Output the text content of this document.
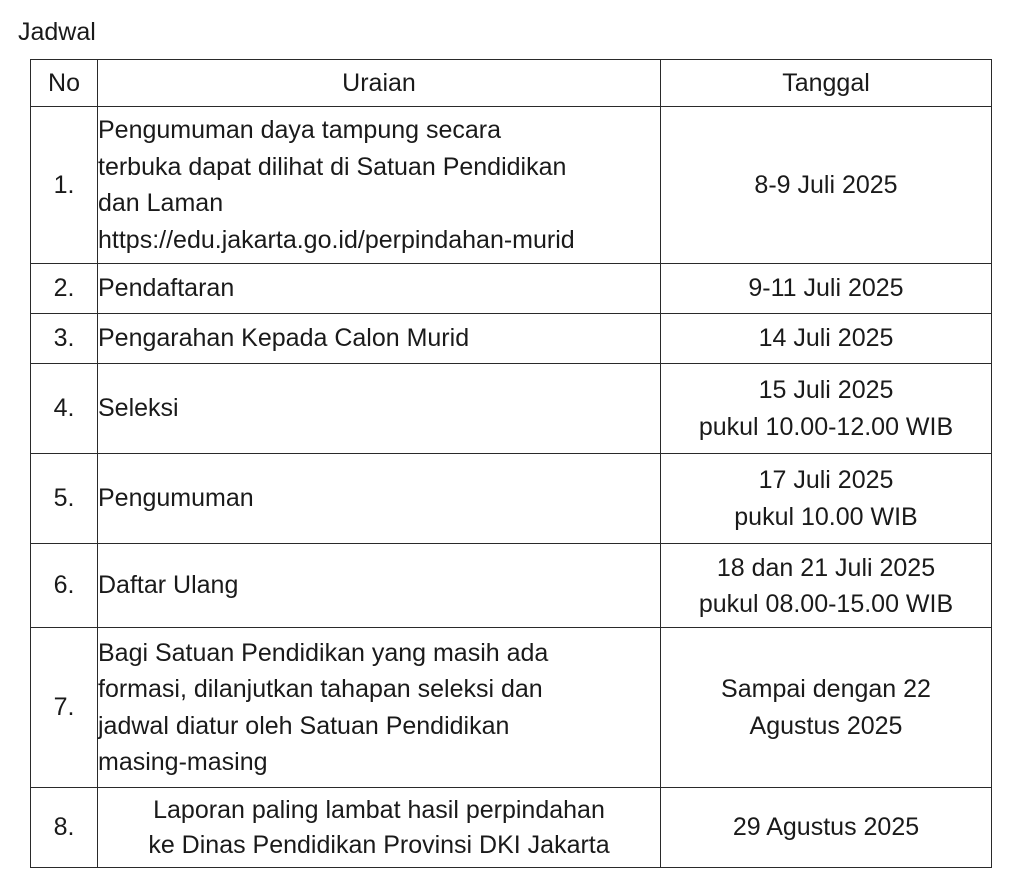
Jadwal
No	Uraian	Tanggal
1.	Pengumuman daya tampung secara
terbuka dapat dilihat di Satuan Pendidikan
dan Laman
https://edu.jakarta.go.id/perpindahan-murid	8-9 Juli 2025

2.	Pendaftaran	9-11 Juli 2025

3.	Pengarahan Kepada Calon Murid	14 Juli 2025

4.	Seleksi	15 Juli 2025
pukul 10.00-12.00 WIB

5.	Pengumuman	17 Juli 2025
pukul 10.00 WIB

6.	Daftar Ulang	18 dan 21 Juli 2025
pukul 08.00-15.00 WIB

7.	Bagi Satuan Pendidikan yang masih ada
formasi, dilanjutkan tahapan seleksi dan
jadwal diatur oleh Satuan Pendidikan
masing-masing	Sampai dengan 22
Agustus 2025

8.	Laporan paling lambat hasil perpindahan
ke Dinas Pendidikan Provinsi DKI Jakarta	29 Agustus 2025
